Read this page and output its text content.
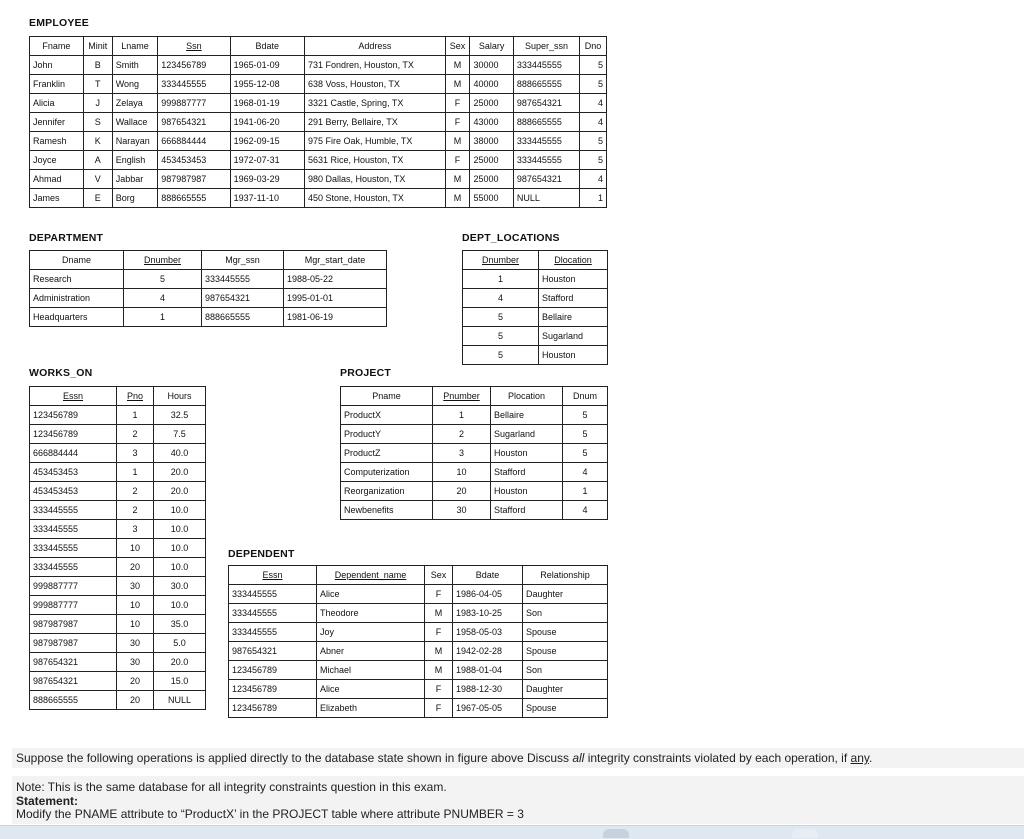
EMPLOYEE
Fname	Minit	Lname	Ssn	Bdate	Address	Sex	Salary	Super_ssn	Dno
John	B	Smith	123456789	1965-01-09	731 Fondren, Houston, TX	M	30000	333445555	5
Franklin	T	Wong	333445555	1955-12-08	638 Voss, Houston, TX	M	40000	888665555	5
Alicia	J	Zelaya	999887777	1968-01-19	3321 Castle, Spring, TX	F	25000	987654321	4
Jennifer	S	Wallace	987654321	1941-06-20	291 Berry, Bellaire, TX	F	43000	888665555	4
Ramesh	K	Narayan	666884444	1962-09-15	975 Fire Oak, Humble, TX	M	38000	333445555	5
Joyce	A	English	453453453	1972-07-31	5631 Rice, Houston, TX	F	25000	333445555	5
Ahmad	V	Jabbar	987987987	1969-03-29	980 Dallas, Houston, TX	M	25000	987654321	4
James	E	Borg	888665555	1937-11-10	450 Stone, Houston, TX	M	55000	NULL	1
DEPARTMENT
Dname	Dnumber	Mgr_ssn	Mgr_start_date
Research	5	333445555	1988-05-22
Administration	4	987654321	1995-01-01
Headquarters	1	888665555	1981-06-19
DEPT_LOCATIONS
Dnumber	Dlocation
1	Houston
4	Stafford
5	Bellaire
5	Sugarland
5	Houston
WORKS_ON
Essn	Pno	Hours
123456789	1	32.5
123456789	2	7.5
666884444	3	40.0
453453453	1	20.0
453453453	2	20.0
333445555	2	10.0
333445555	3	10.0
333445555	10	10.0
333445555	20	10.0
999887777	30	30.0
999887777	10	10.0
987987987	10	35.0
987987987	30	5.0
987654321	30	20.0
987654321	20	15.0
888665555	20	NULL
PROJECT
Pname	Pnumber	Plocation	Dnum
ProductX	1	Bellaire	5
ProductY	2	Sugarland	5
ProductZ	3	Houston	5
Computerization	10	Stafford	4
Reorganization	20	Houston	1
Newbenefits	30	Stafford	4
DEPENDENT
Essn	Dependent_name	Sex	Bdate	Relationship
333445555	Alice	F	1986-04-05	Daughter
333445555	Theodore	M	1983-10-25	Son
333445555	Joy	F	1958-05-03	Spouse
987654321	Abner	M	1942-02-28	Spouse
123456789	Michael	M	1988-01-04	Son
123456789	Alice	F	1988-12-30	Daughter
123456789	Elizabeth	F	1967-05-05	Spouse
Suppose the following operations is applied directly to the database state shown in figure above Discuss all integrity constraints violated by each operation, if any.
Note: This is the same database for all integrity constraints question in this exam.
Statement:
Modify the PNAME attribute to “ProductX’ in the PROJECT table where attribute PNUMBER = 3
